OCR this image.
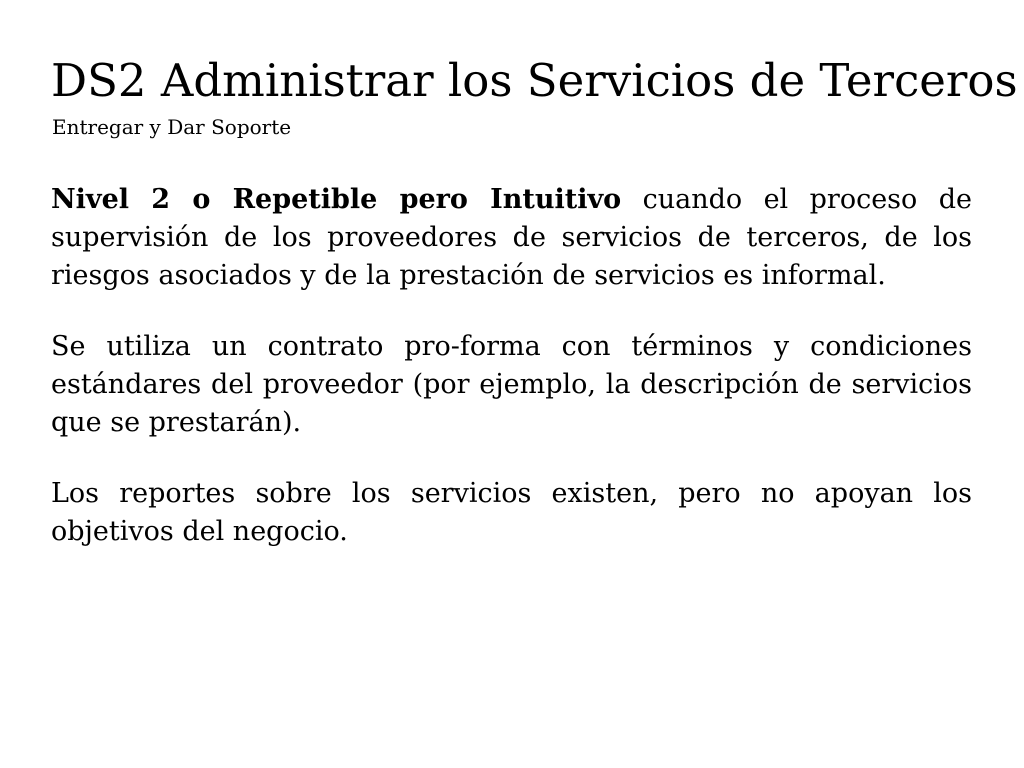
DS2 Administrar los Servicios de Terceros
Entregar y Dar Soporte

Nivel 2 o Repetible pero Intuitivo cuando el proceso de supervisión de los proveedores de servicios de terceros, de los riesgos asociados y de la prestación de servicios es informal.

Se utiliza un contrato pro-forma con términos y condiciones estándares del proveedor (por ejemplo, la descripción de servicios que se prestarán).

Los reportes sobre los servicios existen, pero no apoyan los objetivos del negocio.
